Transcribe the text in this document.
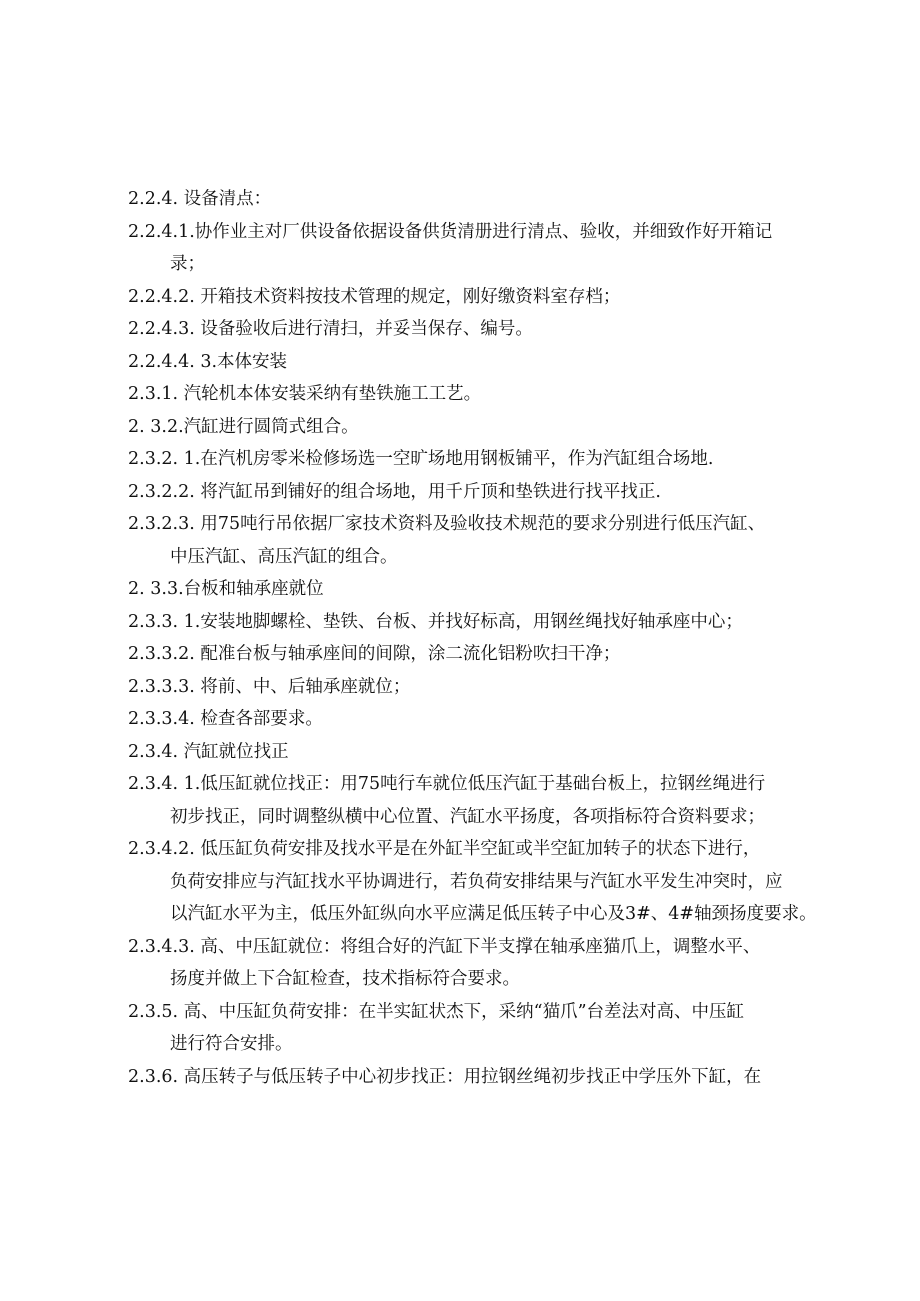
2.2.4. 设备清点：
2.2.4.1.协作业主对厂供设备依据设备供货清册进行清点、验收，并细致作好开箱记
录；
2.2.4.2. 开箱技术资料按技术管理的规定，刚好缴资料室存档；
2.2.4.3. 设备验收后进行清扫，并妥当保存、编号。
2.2.4.4. 3.本体安装
2.3.1. 汽轮机本体安装采纳有垫铁施工工艺。
2. 3.2.汽缸进行圆筒式组合。
2.3.2. 1.在汽机房零米检修场选一空旷场地用钢板铺平，作为汽缸组合场地.
2.3.2.2. 将汽缸吊到铺好的组合场地，用千斤顶和垫铁进行找平找正.
2.3.2.3. 用75吨行吊依据厂家技术资料及验收技术规范的要求分别进行低压汽缸、
中压汽缸、高压汽缸的组合。
2. 3.3.台板和轴承座就位
2.3.3. 1.安装地脚螺栓、垫铁、台板、并找好标高，用钢丝绳找好轴承座中心；
2.3.3.2. 配准台板与轴承座间的间隙，涂二流化铝粉吹扫干净；
2.3.3.3. 将前、中、后轴承座就位；
2.3.3.4. 检查各部要求。
2.3.4. 汽缸就位找正
2.3.4. 1.低压缸就位找正：用75吨行车就位低压汽缸于基础台板上，拉钢丝绳进行
初步找正，同时调整纵横中心位置、汽缸水平扬度，各项指标符合资料要求；
2.3.4.2. 低压缸负荷安排及找水平是在外缸半空缸或半空缸加转子的状态下进行，
负荷安排应与汽缸找水平协调进行，若负荷安排结果与汽缸水平发生冲突时，应
以汽缸水平为主，低压外缸纵向水平应满足低压转子中心及3#、4#轴颈扬度要求。
2.3.4.3. 高、中压缸就位：将组合好的汽缸下半支撑在轴承座猫爪上，调整水平、
扬度并做上下合缸检查，技术指标符合要求。
2.3.5. 高、中压缸负荷安排：在半实缸状杰下，采纳“猫爪”台差法对高、中压缸
进行符合安排。
2.3.6. 高压转子与低压转子中心初步找正：用拉钢丝绳初步找正中学压外下缸，在
